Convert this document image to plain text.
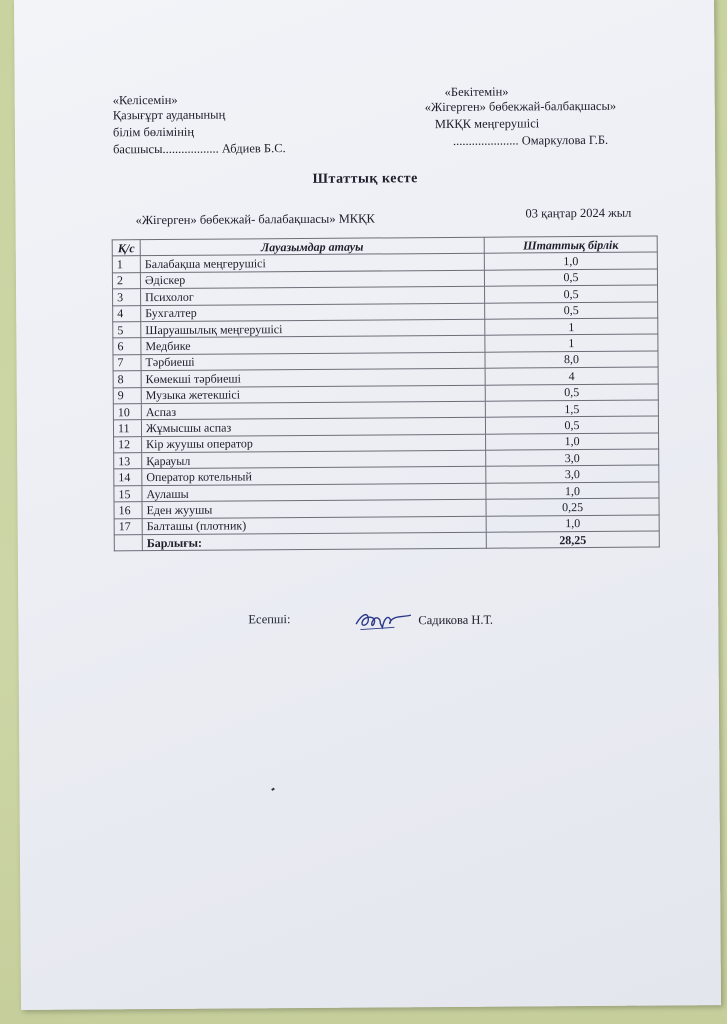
«Келісемін»
Қазығұрт ауданының
білім бөлімінің
басшысы.................. Абдиев Б.С.
«Бекітемін»
«Жігерген» бөбекжай-балбақшасы»
МКҚК меңгерушісі
..................... Омаркулова Г.Б.
Штаттық кесте
«Жігерген» бөбекжай- балабақшасы» МКҚК	03 қаңтар 2024 жыл
Қ/с	Лауазымдар атауы	Штаттық бірлік
1	Балабақша меңгерушісі	1,0
2	Әдіскер	0,5
3	Психолог	0,5
4	Бухгалтер	0,5
5	Шаруашылық меңгерушісі	1
6	Медбике	1
7	Тәрбиеші	8,0
8	Көмекші тәрбиеші	4
9	Музыка жетекшісі	0,5
10	Аспаз	1,5
11	Жұмысшы аспаз	0,5
12	Кір жуушы оператор	1,0
13	Қарауыл	3,0
14	Оператор котельный	3,0
15	Аулашы	1,0
16	Еден жуушы	0,25
17	Балташы (плотник)	1,0
	Барлығы:	28,25
Есепші:	Садикова Н.Т.
